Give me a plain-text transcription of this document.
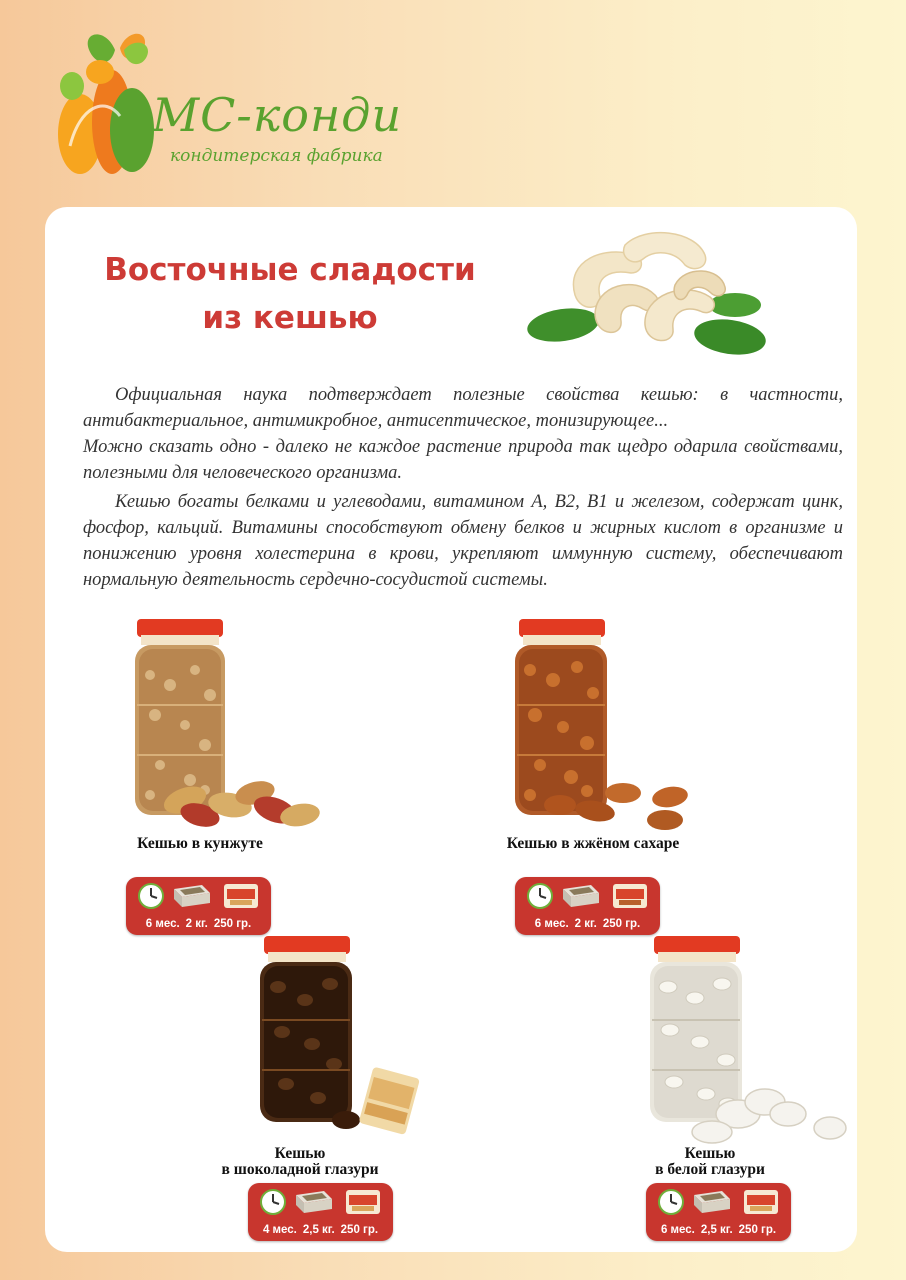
МС-конди
кондитерская фабрика
Восточные сладости
из кешью

Официальная наука подтверждает полезные свойства кешью: в частности, антибактериальное, антимикробное, антисептическое, тонизирующее...

Можно сказать одно - далеко не каждое растение природа так щедро одарила свойствами, полезными для человеческого организма.

Кешью богаты белками и углеводами, витамином А, В2, В1 и железом, содержат цинк, фосфор, кальций. Витамины способствуют обмену белков и жирных кислот в организме и понижению уровня холестерина в крови, укрепляют иммунную систему, обеспечивают нормальную деятельность сердечно-сосудистой системы.

Кешью в кунжуте
6 мес. 2 кг. 250 гр.
Кешью в жжёном сахаре
6 мес. 2 кг. 250 гр.
Кешью
в шоколадной глазури
4 мес. 2,5 кг. 250 гр.
Кешью
в белой глазури
6 мес. 2,5 кг. 250 гр.
